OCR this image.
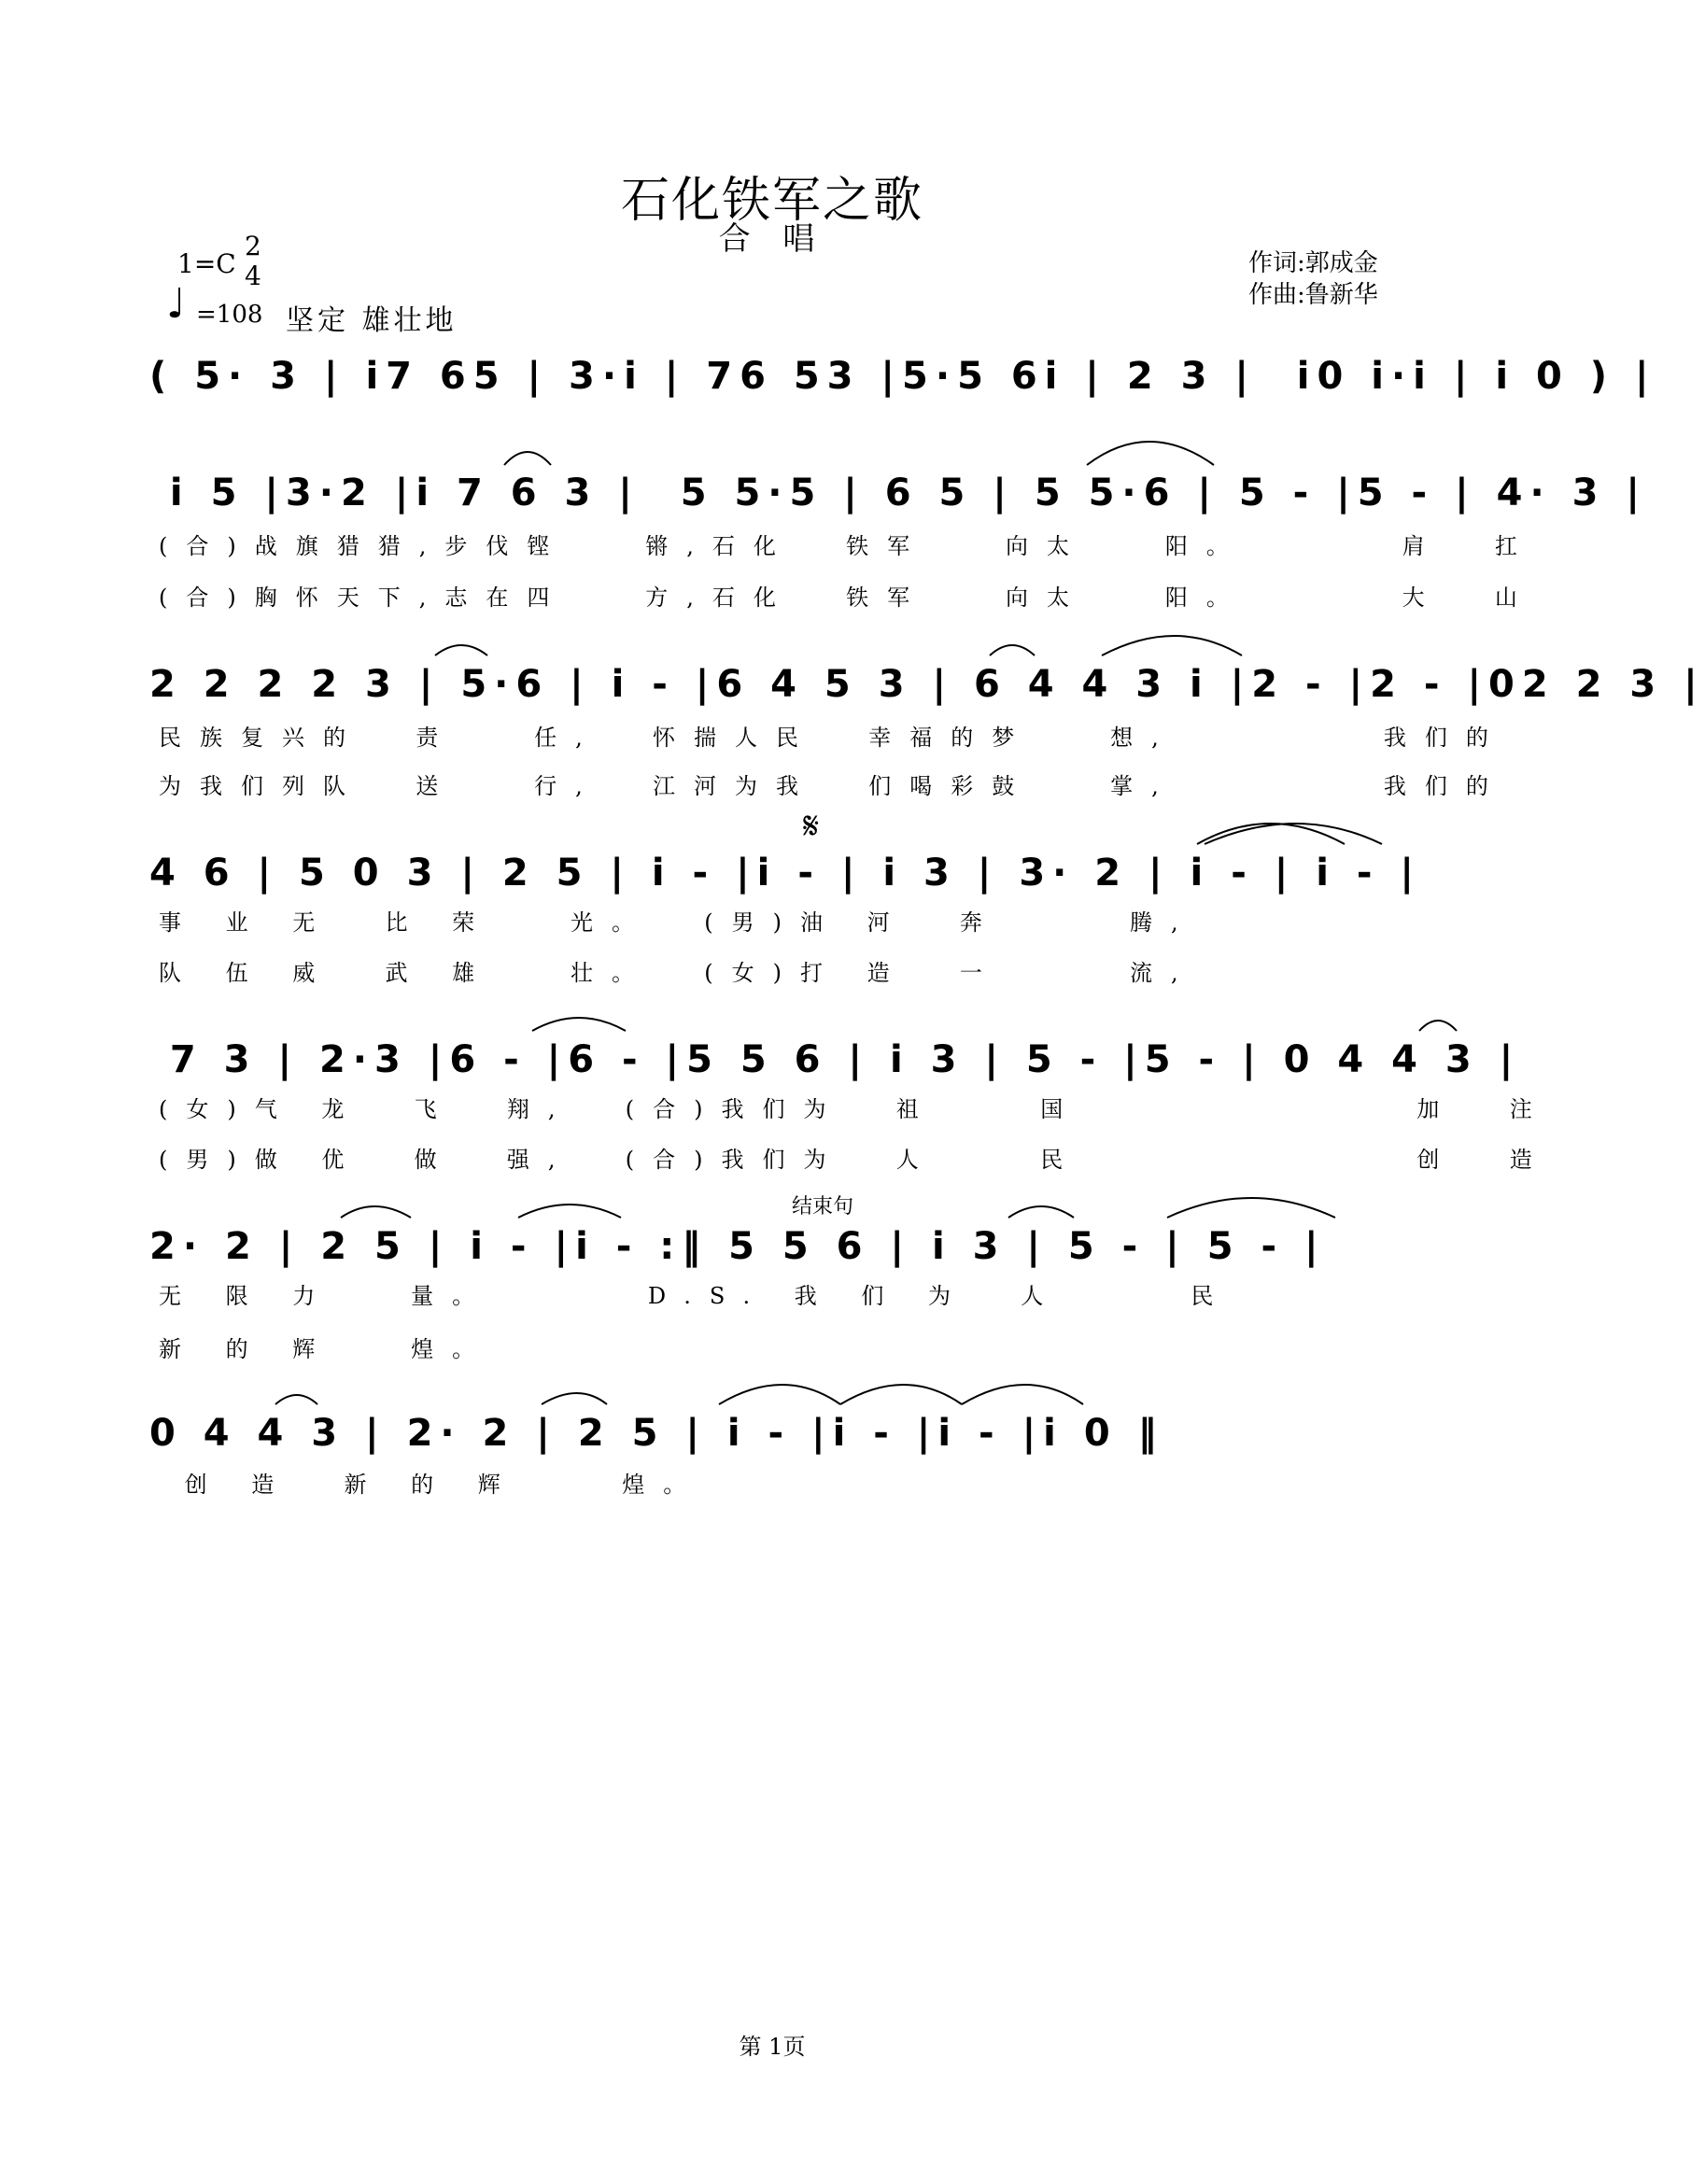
石化铁军之歌
合 唱
1=C
2
4
♩ =108 坚定 雄壮地
作词:郭成金
作曲:鲁新华
( 5· 3 | i7 65 | 3·i | 76 53 |5·5 6i | 2 3 |  i0 i·i | i 0 ) |
i 5 |3·2 |i 7 6 3 |  5 5·5 | 6 5 | 5 5·6 | 5 - |5 - | 4· 3 |
(合)战旗猎猎,步伐铿   锵,石化  铁军   向太   阳。      肩  扛
(合)胸怀天下,志在四   方,石化  铁军   向太   阳。      大  山
2 2 2 2 3 | 5·6 | i - |6 4 5 3 | 6 4 4 3 i |2 - |2 - |02 2 3 |
民族复兴的  责   任,  怀揣人民  幸福的梦   想,        我们的
为我们列队  送   行,  江河为我  们喝彩鼓   掌,        我们的
𝄋
4 6 | 5 0 3 | 2 5 | i - |i - | i 3 | 3· 2 | i - | i - |
事 业 无  比 荣   光。  (男)油 河  奔     腾,
队 伍 威  武 雄   壮。  (女)打 造  一     流,
7 3 | 2·3 |6 - |6 - |5 5 6 | i 3 | 5 - |5 - | 0 4 4 3 |
(女)气 龙  飞  翔,  (合)我们为  祖    国             加  注
(男)做 优  做  强,  (合)我们为  人    民             创  造
结束句
2· 2 | 2 5 | i - |i - :‖ 5 5 6 | i 3 | 5 - | 5 - |
无 限 力   量。      D.S. 我 们 为  人     民
新 的 辉   煌。
0 4 4 3 | 2· 2 | 2 5 | i - |i - |i - |i 0 ‖
创 造  新 的 辉    煌。
第 1页
